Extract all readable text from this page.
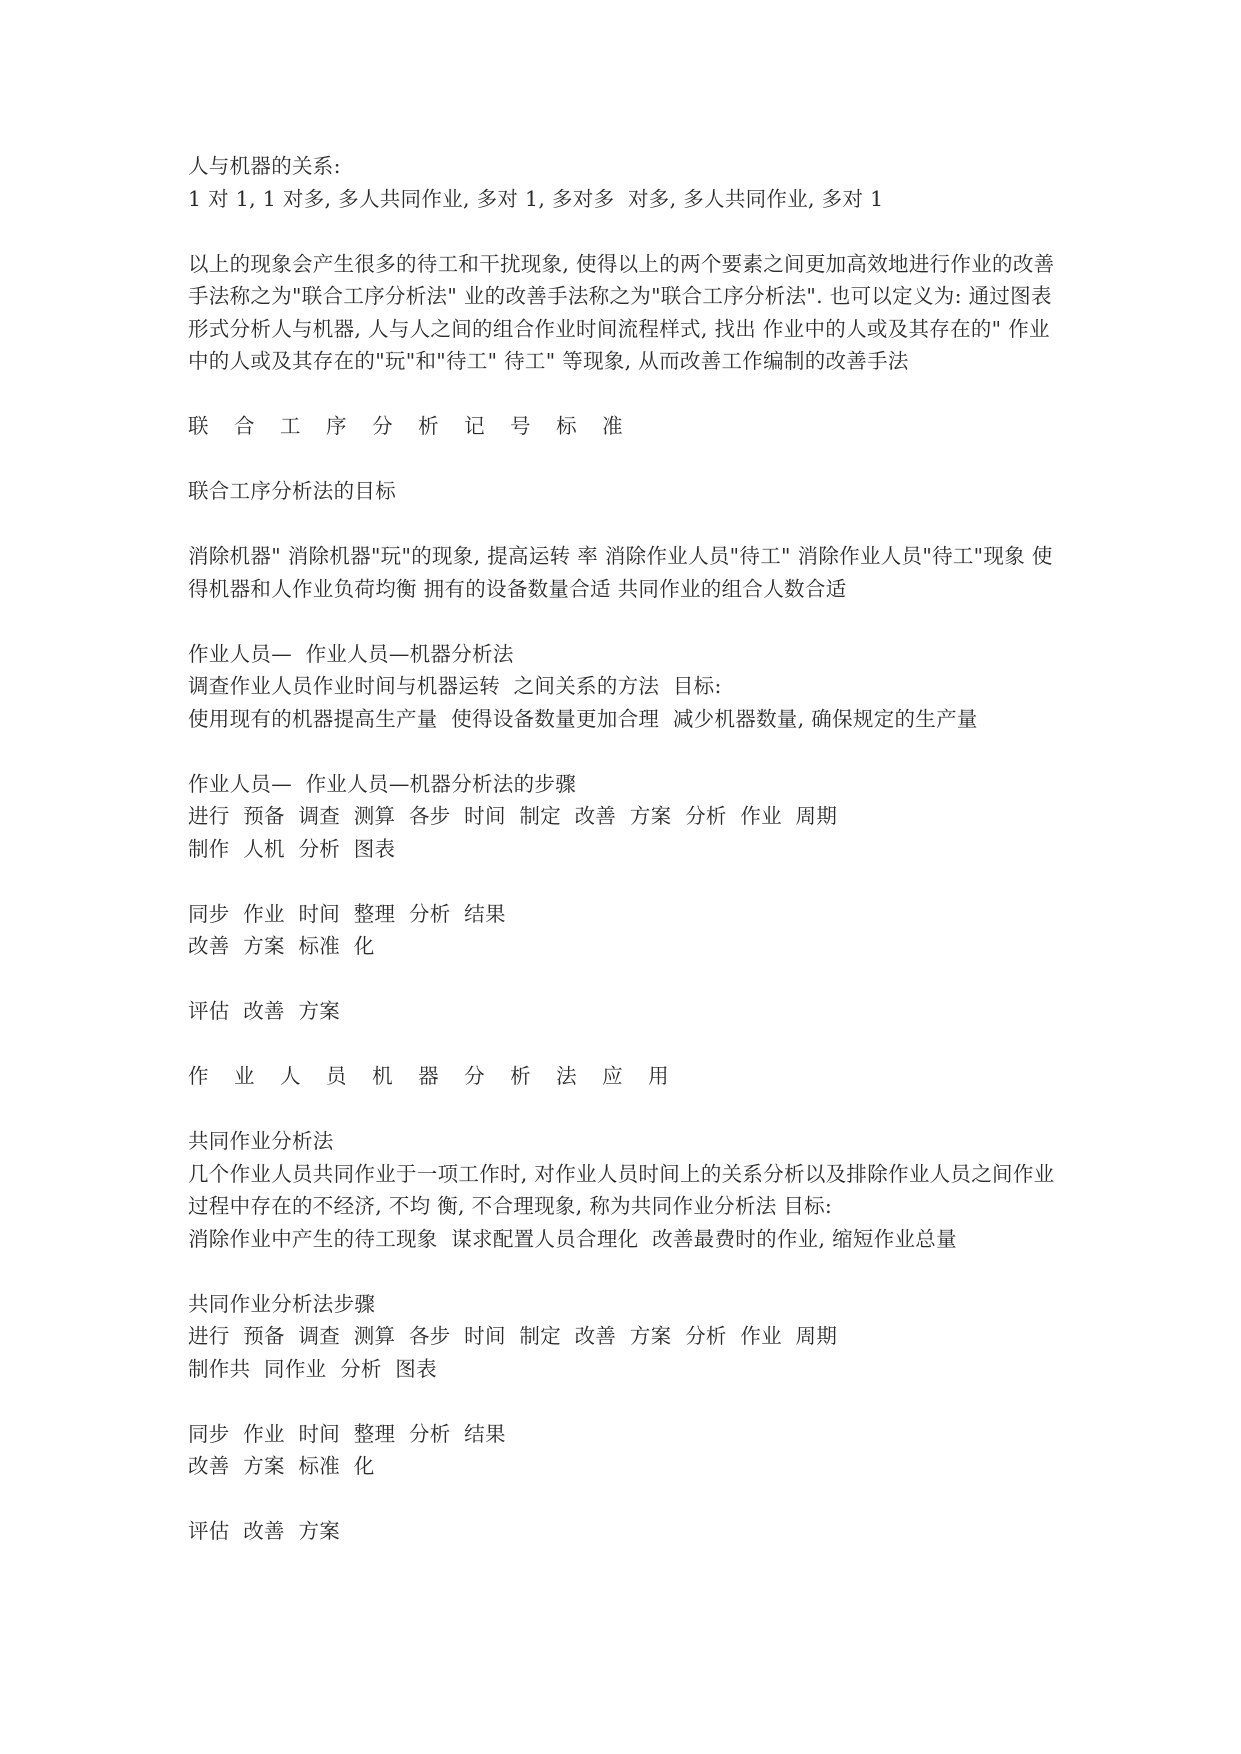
人与机器的关系:
1 对 1, 1 对多, 多人共同作业, 多对 1, 多对多  对多, 多人共同作业, 多对 1
以上的现象会产生很多的待工和干扰现象, 使得以上的两个要素之间更加高效地进行作业的改善手法称之为"联合工序分析法" 业的改善手法称之为"联合工序分析法". 也可以定义为: 通过图表形式分析人与机器, 人与人之间的组合作业时间流程样式, 找出 作业中的人或及其存在的" 作业中的人或及其存在的"玩"和"待工" 待工" 等现象, 从而改善工作编制的改善手法
联 合 工 序 分 析 记 号 标 准
联合工序分析法的目标
消除机器" 消除机器"玩"的现象, 提高运转 率 消除作业人员"待工" 消除作业人员"待工"现象 使得机器和人作业负荷均衡 拥有的设备数量合适 共同作业的组合人数合适
作业人员—  作业人员—机器分析法
调查作业人员作业时间与机器运转  之间关系的方法  目标:
使用现有的机器提高生产量  使得设备数量更加合理  减少机器数量, 确保规定的生产量
作业人员—  作业人员—机器分析法的步骤
进行  预备  调查  测算  各步  时间  制定  改善  方案  分析  作业  周期
制作  人机  分析  图表
同步  作业  时间  整理  分析  结果
改善  方案  标准  化
评估  改善  方案
作 业 人 员 机 器 分 析 法 应 用
共同作业分析法
几个作业人员共同作业于一项工作时, 对作业人员时间上的关系分析以及排除作业人员之间作业过程中存在的不经济, 不均 衡, 不合理现象, 称为共同作业分析法 目标:
消除作业中产生的待工现象  谋求配置人员合理化  改善最费时的作业, 缩短作业总量
共同作业分析法步骤
进行  预备  调查  测算  各步  时间  制定  改善  方案  分析  作业  周期
制作共  同作业  分析  图表
同步  作业  时间  整理  分析  结果
改善  方案  标准  化
评估  改善  方案
